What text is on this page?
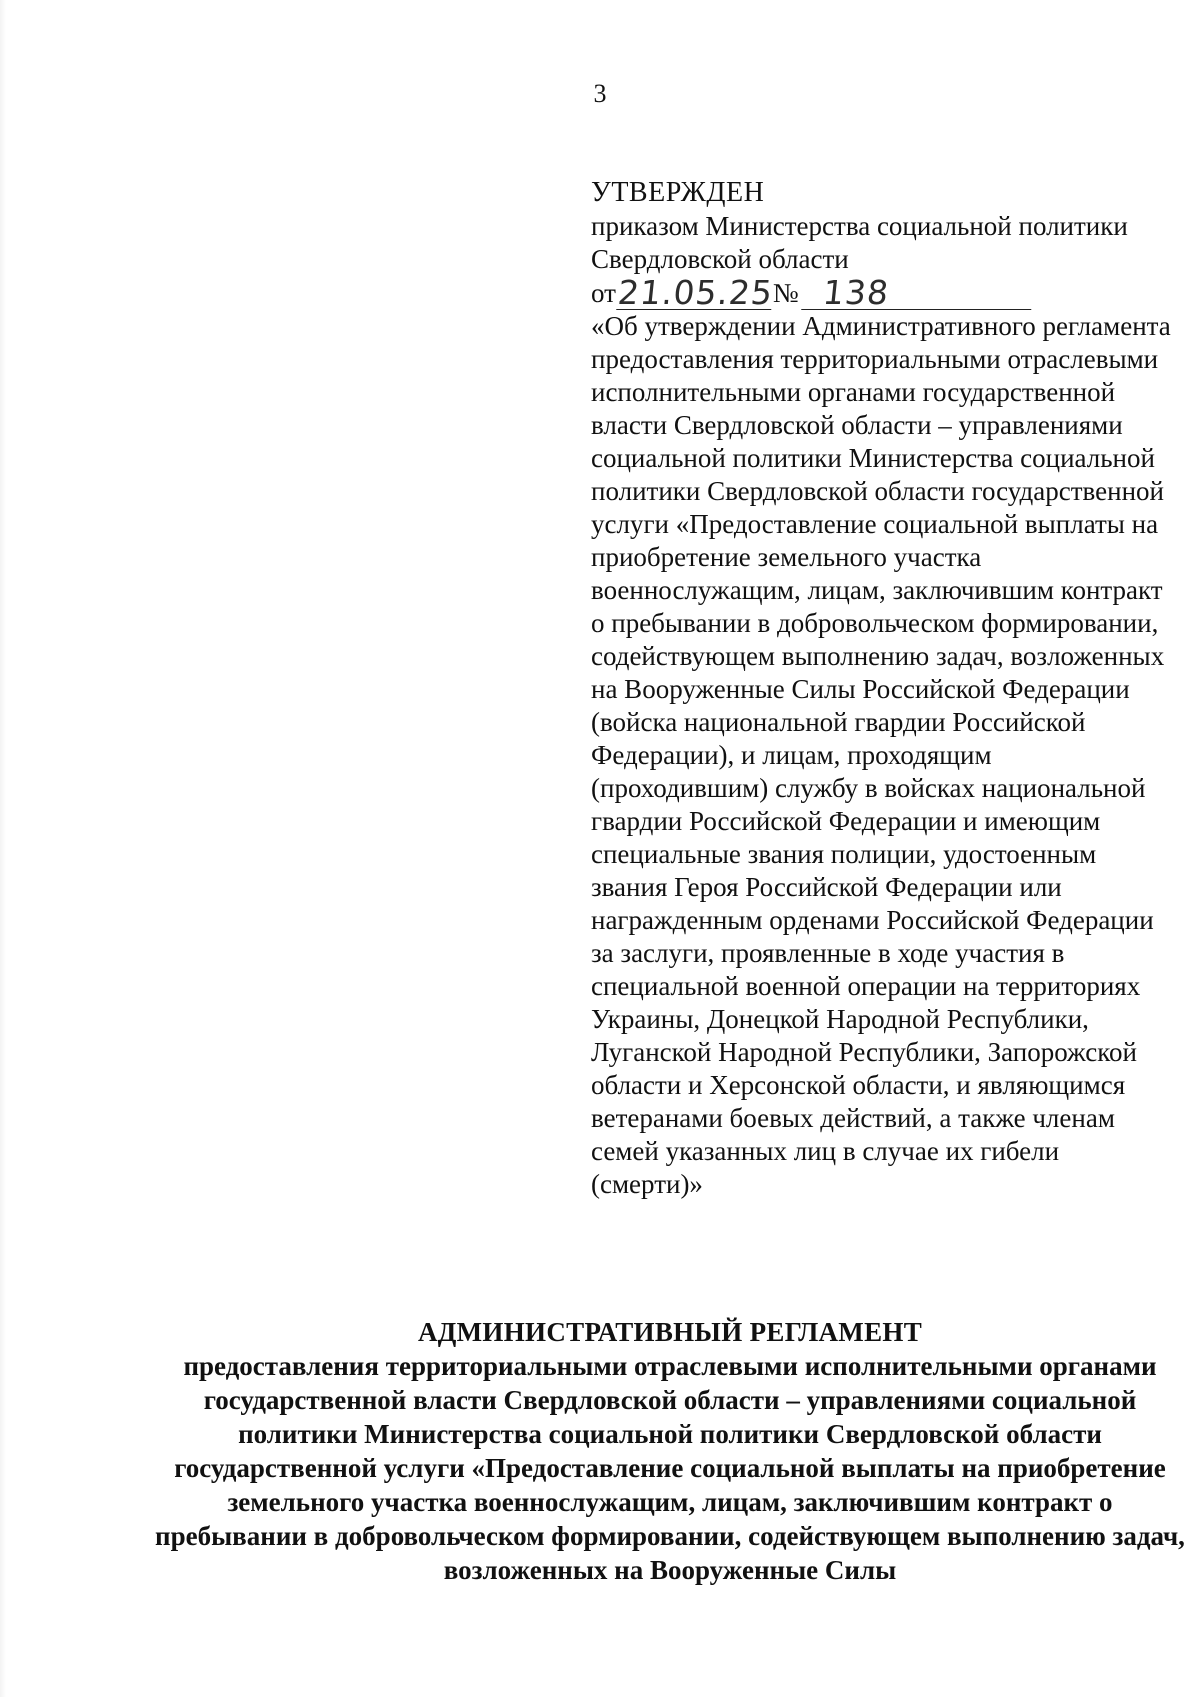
3
УТВЕРЖДЕН
приказом Министерства социальной политики
Свердловской области
от 21.05.25
№ 138
«Об утверждении Административного регламента предоставления территориальными отраслевыми исполнительными органами государственной власти Свердловской области – управлениями социальной политики Министерства социальной политики Свердловской области государственной услуги «Предоставление социальной выплаты на приобретение земельного участка военнослужащим, лицам, заключившим контракт о пребывании в добровольческом формировании, содействующем выполнению задач, возложенных на Вооруженные Силы Российской Федерации (войска национальной гвардии Российской Федерации), и лицам, проходящим (проходившим) службу в войсках национальной гвардии Российской Федерации и имеющим специальные звания полиции, удостоенным звания Героя Российской Федерации или награжденным орденами Российской Федерации за заслуги, проявленные в ходе участия в специальной военной операции на территориях Украины, Донецкой Народной Республики, Луганской Народной Республики, Запорожской области и Херсонской области, и являющимся ветеранами боевых действий, а также членам семей указанных лиц в случае их гибели (смерти)»
АДМИНИСТРАТИВНЫЙ РЕГЛАМЕНТ
предоставления территориальными отраслевыми исполнительными органами государственной власти Свердловской области – управлениями социальной политики Министерства социальной политики Свердловской области государственной услуги «Предоставление социальной выплаты на приобретение земельного участка военнослужащим, лицам, заключившим контракт о пребывании в добровольческом формировании, содействующем выполнению задач, возложенных на Вооруженные Силы
